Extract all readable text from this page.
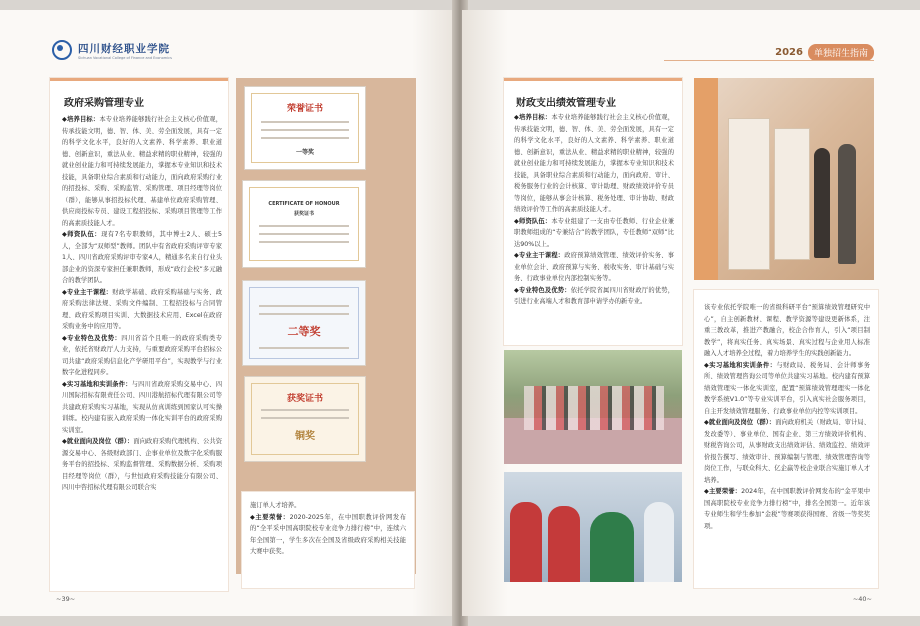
四川财经职业学院
Sichuan Vocational College of Finance and Economics
政府采购管理专业

◆培养目标：本专业培养能够践行社会主义核心价值观，传承技能文明，德、智、体、美、劳全面发展，具有一定的科学文化水平，良好的人文素养、科学素养、职业道德、创新意识，重法从业、精益求精的职业精神，较强的就业创业能力和可持续发展能力，掌握本专业知识和技术技能，具备职业综合素质和行动能力，面向政府采购行业的招投标、采购、采购监管、采购管理、项目经理等岗位（群），能够从事招投标代理、基建单位政府采购管理、供应商投标专员、建设工程招投标、采购项目管理等工作的高素质技能人才。

◆师资队伍：现有7名专职教师，其中博士2人、硕士5人，全部为“双师型”教师。团队中有省政府采购评审专家1人、四川省政府采购评审专家4人，精通多名来自行业头部企业的资深专家担任兼职教师，形成“政行企校”多元融合的教学团队。

◆专业主干课程：财政学基础、政府采购基础与实务、政府采购法律法规、采购文件编制、工程招投标与合同管理、政府采购项目实训、大数据技术应用、Excel在政府采购业务中的应用等。

◆专业特色及优势：四川省首个且唯一的政府采购类专业，依托省财政厅人力支持，与重要政府采购平台招标公司共建“政府采购信息化产学研用平台”，实现教学与行业数字化进程同步。

◆实习基地和实训条件：与四川省政府采购交易中心、四川国际招标有限责任公司、四川港航招标代理有限公司等共建政府采购实习基地，实现从仿真训练到国家认可实操训练。校内建有嵌入政府采购一体化实训平台的政府采购实训室。

◆就业面向及岗位（群）：面向政府采购代理机构、公共资源交易中心、各级财政部门、企事业单位及数字化采购服务平台的招投标、采购监督管理、采购数据分析、采购项目经理等岗位（群），与世恒政府采购技能分有限公司、四川中咨招标代理有限公司联合实

荣誉证书
一等奖
CERTIFICATE OF HONOUR
获奖证书
二等奖
获奖证书
铜奖

施订单人才培养。

◆主要荣誉：2020-2025年，在中国职教评价网发布的“全平采中国高职院校专业竞争力排行榜”中，连续六年全国第一，学生多次在全国及省级政府采购相关技能大赛中获奖。

~39~
2026	单独招生指南
财政支出绩效管理专业

◆培养目标：本专业培养能够践行社会主义核心价值观，传承技能文明，德、智、体、美、劳全面发展，具有一定的科学文化水平，良好的人文素养、科学素养、职业道德、创新意识，重法从业、精益求精的职业精神，较强的就业创业能力和可持续发展能力，掌握本专业知识和技术技能，具备职业综合素质和行动能力，面向政府、审计、税务服务行业的会计核算、审计助理、财政绩效评价专员等岗位，能够从事会计核算、税务处理、审计协助、财政绩效评价等工作的高素质技能人才。

◆师资队伍：本专业组建了一支由专任教师、行业企业兼职教师组成的“专兼结合”的教学团队，专任教师“双师”比达90%以上。

◆专业主干课程：政府预算绩效管理、绩效评价实务、事业单位会计、政府预算与实务、税收实务、审计基础与实务、行政事业单位内部控制实务等。

◆专业特色及优势：依托学院省属四川省财政厅的优势，引进行业高端人才和教育部申请学办的新专业。

该专业依托学院唯一的省级科研平台“预算绩效管理研究中心”，自主创新教材、课程、教学资源等建设更新体系，注重三教改革，推进产教融合，校企合作育人，引入“项目制教学”，将真实任务、真实场景、真实过程与企业用人标准融入人才培养全过程，着力培养学生的实践创新能力。

◆实习基地和实训条件：与财政局、税务局、会计师事务所、绩效管理咨询公司等单位共建实习基地。校内建有预算绩效管理实一体化实训室，配置“预算绩效管理理实一体化教学系统V1.0”等专业实训平台，引入真实社会服务项目，自主开发绩效管理服务、行政事业单位内控等实训项目。

◆就业面向及岗位（群）：面向政府机关（财政局、审计局、发改委等）、事业单位、国有企业、第三方绩效评价机构、财税咨询公司，从事财政支出绩效评估、绩效监控、绩效评价报告撰写、绩效审计、预算编制与管理、绩效管理咨询等岗位工作，与联众科大、亿企赢等校企业联合实施订单人才培养。

◆主要荣誉：2024年，在中国职教评价网发布的“金平果中国高职院校专业竞争力排行榜”中，排名全国第一。近年该专业师生和学生参加“金税”等赛项获得国赛、省级一等奖奖项。

~40~
